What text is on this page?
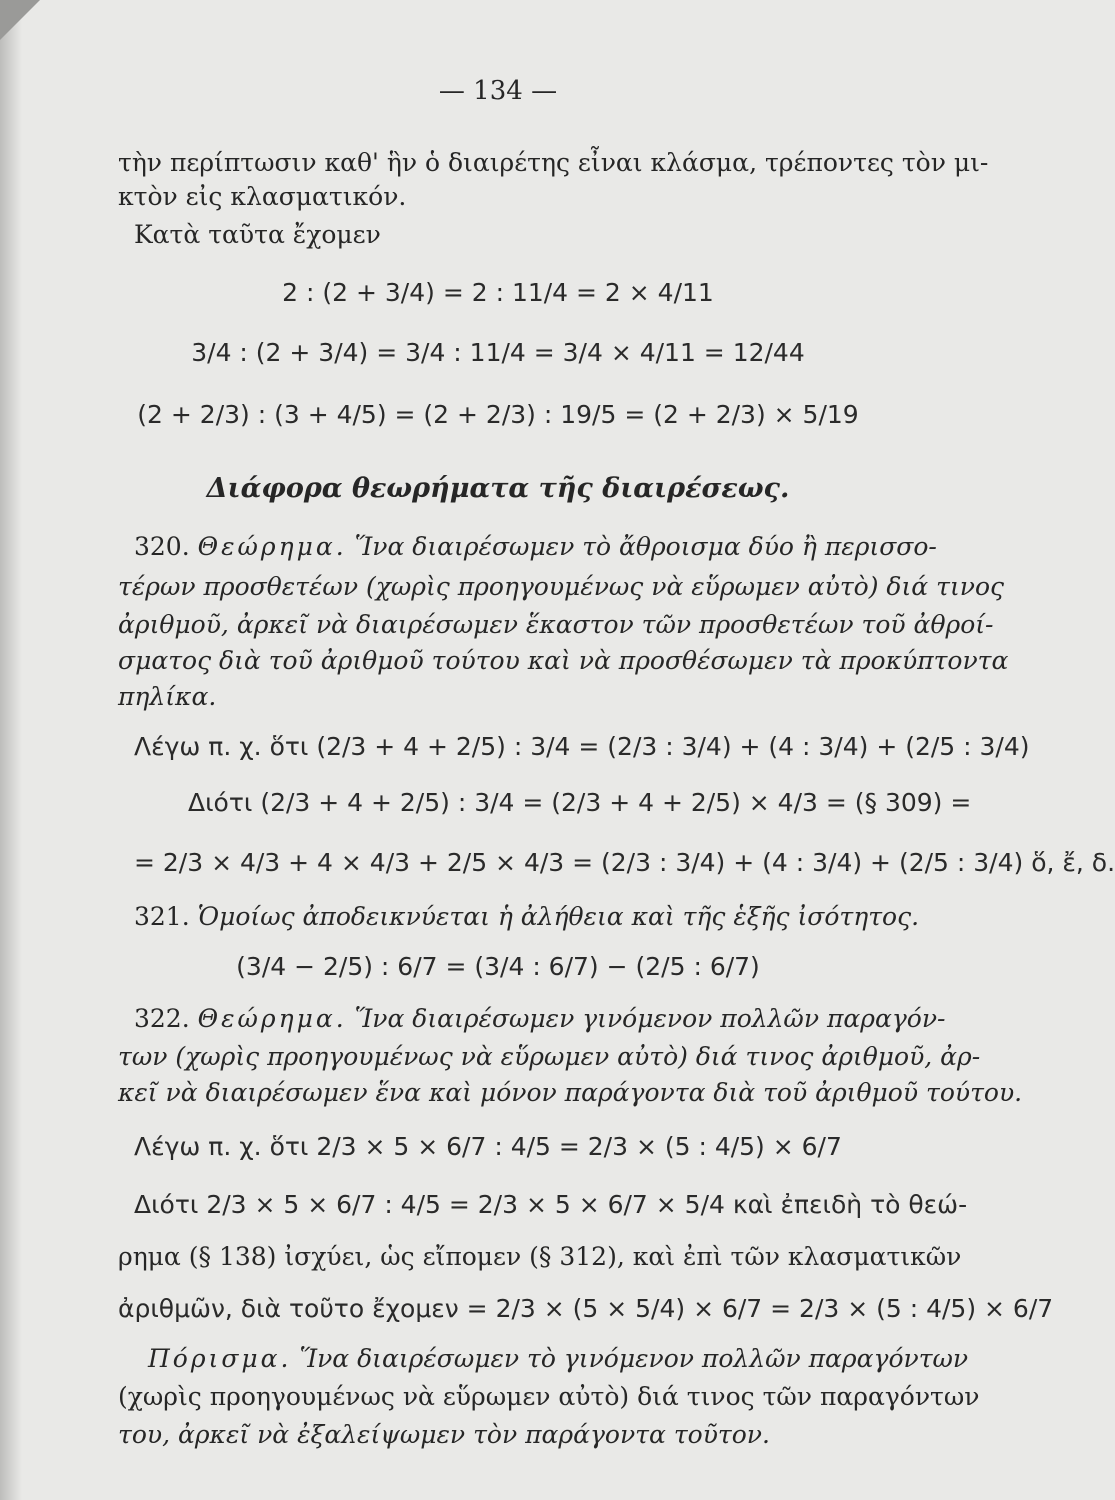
— 134 —
τὴν περίπτωσιν καθ' ἣν ὁ διαιρέτης εἶναι κλάσμα, τρέποντες τὸν μι-
κτὸν εἰς κλασματικόν.
Κατὰ ταῦτα ἔχομεν
2 : (2 + 3/4) = 2 : 11/4 = 2 × 4/11
3/4 : (2 + 3/4) = 3/4 : 11/4 = 3/4 × 4/11 = 12/44
(2 + 2/3) : (3 + 4/5) = (2 + 2/3) : 19/5 = (2 + 2/3) × 5/19
Διάφορα θεωρήματα τῆς διαιρέσεως.
320. Θεώρημα. Ἵνα διαιρέσωμεν τὸ ἄθροισμα δύο ἢ περισσο-
τέρων προσθετέων (χωρὶς προηγουμένως νὰ εὕρωμεν αὐτὸ) διά τινος
ἀριθμοῦ, ἀρκεῖ νὰ διαιρέσωμεν ἕκαστον τῶν προσθετέων τοῦ ἀθροί-
σματος διὰ τοῦ ἀριθμοῦ τούτου καὶ νὰ προσθέσωμεν τὰ προκύπτοντα
πηλίκα.
Λέγω π. χ. ὅτι (2/3 + 4 + 2/5) : 3/4 = (2/3 : 3/4) + (4 : 3/4) + (2/5 : 3/4)
Διότι (2/3 + 4 + 2/5) : 3/4 = (2/3 + 4 + 2/5) × 4/3 = (§ 309) =
= 2/3 × 4/3 + 4 × 4/3 + 2/5 × 4/3 = (2/3 : 3/4) + (4 : 3/4) + (2/5 : 3/4) ὅ, ἔ, δ.
321. Ὁμοίως ἀποδεικνύεται ἡ ἀλήθεια καὶ τῆς ἑξῆς ἰσότητος.
(3/4 − 2/5) : 6/7 = (3/4 : 6/7) − (2/5 : 6/7)
322. Θεώρημα. Ἵνα διαιρέσωμεν γινόμενον πολλῶν παραγόν-
των (χωρὶς προηγουμένως νὰ εὕρωμεν αὐτὸ) διά τινος ἀριθμοῦ, ἀρ-
κεῖ νὰ διαιρέσωμεν ἕνα καὶ μόνον παράγοντα διὰ τοῦ ἀριθμοῦ τούτου.
Λέγω π. χ. ὅτι 2/3 × 5 × 6/7 : 4/5 = 2/3 × (5 : 4/5) × 6/7
Διότι 2/3 × 5 × 6/7 : 4/5 = 2/3 × 5 × 6/7 × 5/4 καὶ ἐπειδὴ τὸ θεώ-
ρημα (§ 138) ἰσχύει, ὡς εἴπομεν (§ 312), καὶ ἐπὶ τῶν κλασματικῶν
ἀριθμῶν, διὰ τοῦτο ἔχομεν = 2/3 × (5 × 5/4) × 6/7 = 2/3 × (5 : 4/5) × 6/7
Πόρισμα. Ἵνα διαιρέσωμεν τὸ γινόμενον πολλῶν παραγόντων
(χωρὶς προηγουμένως νὰ εὕρωμεν αὐτὸ) διά τινος τῶν παραγόντων
του, ἀρκεῖ νὰ ἐξαλείψωμεν τὸν παράγοντα τοῦτον.
